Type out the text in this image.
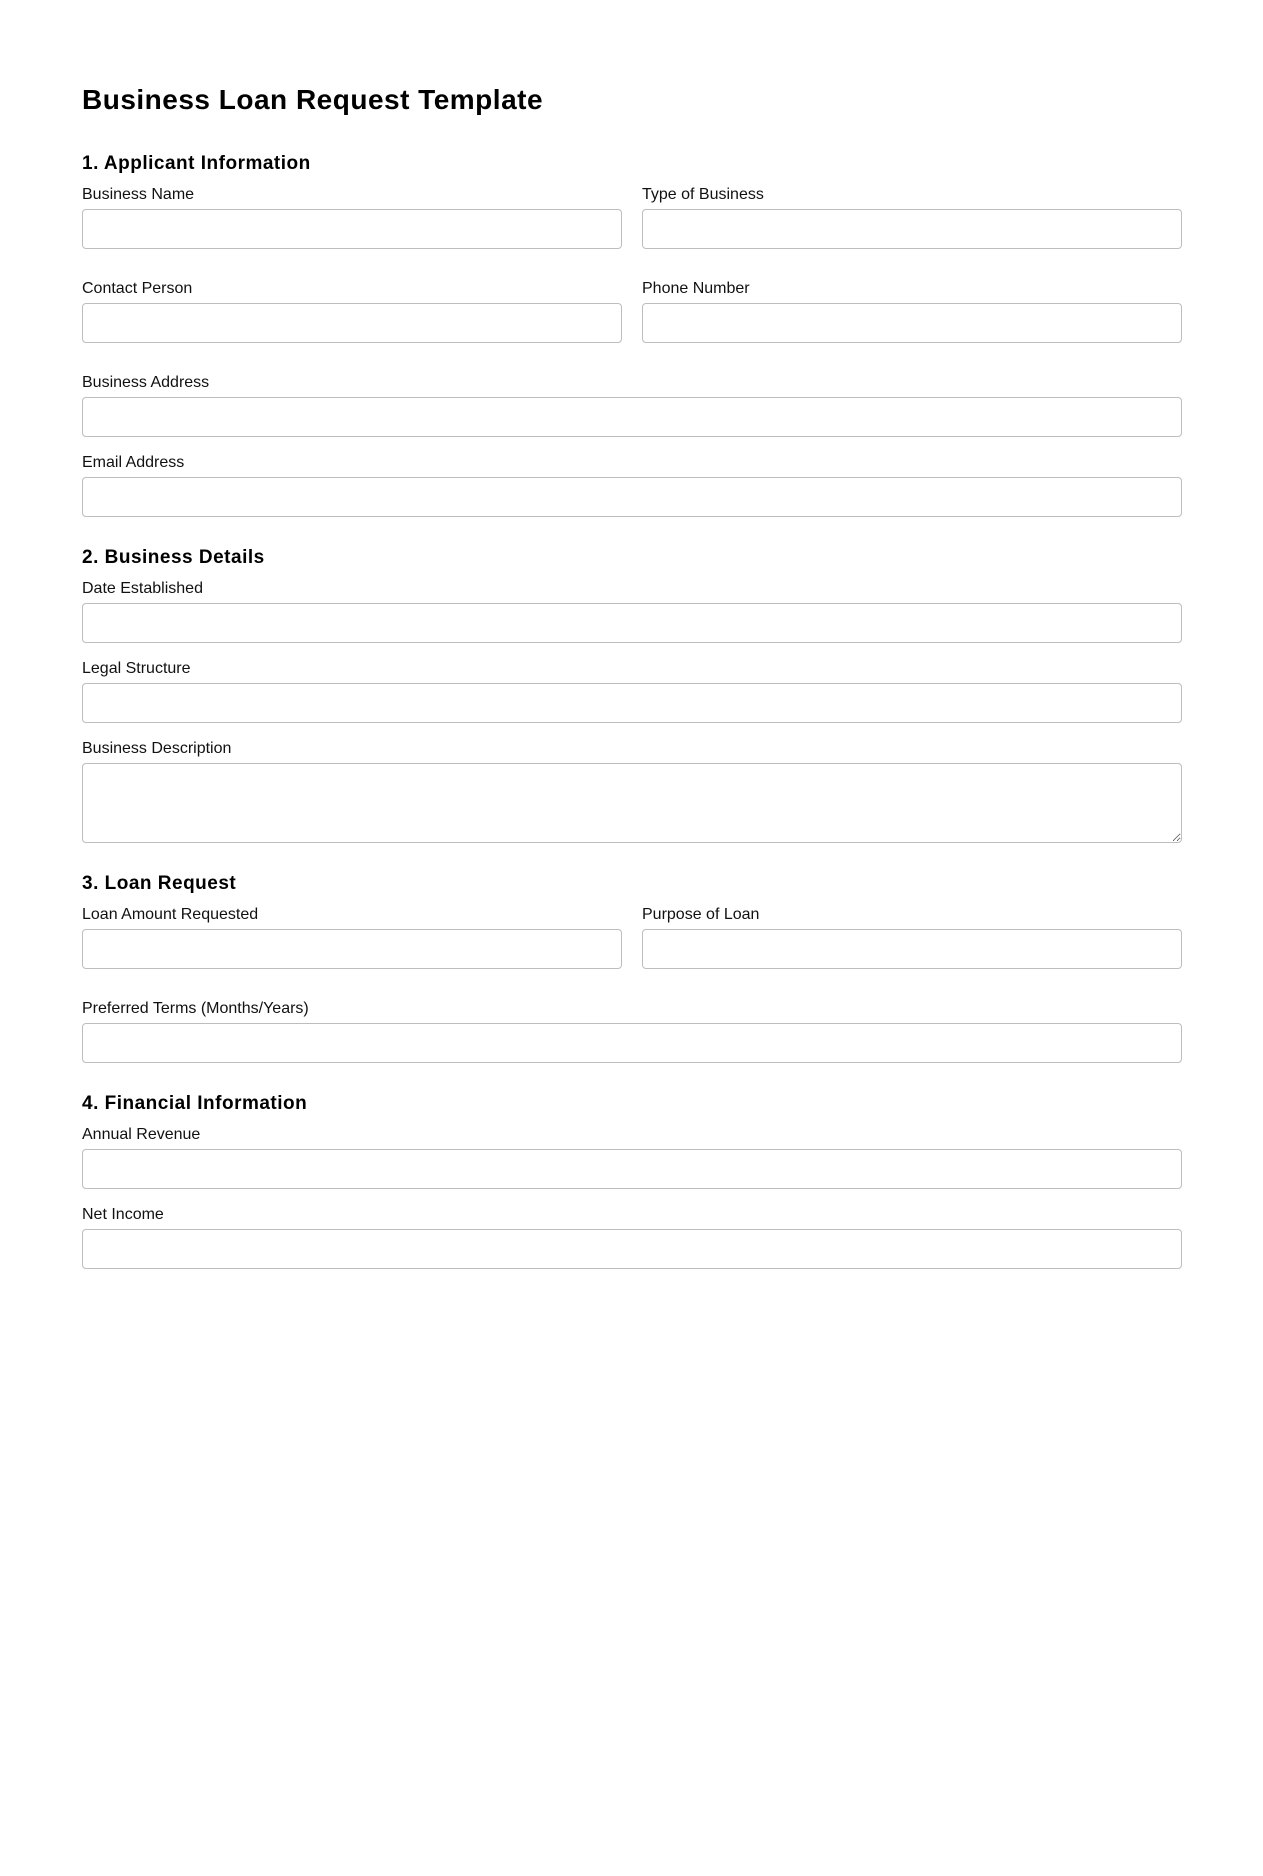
Business Loan Request Template
1. Applicant Information
Business Name	Type of Business
Contact Person	Phone Number
Business Address
Email Address
2. Business Details
Date Established
Legal Structure
Business Description
3. Loan Request
Loan Amount Requested	Purpose of Loan
Preferred Terms (Months/Years)
4. Financial Information
Annual Revenue
Net Income
